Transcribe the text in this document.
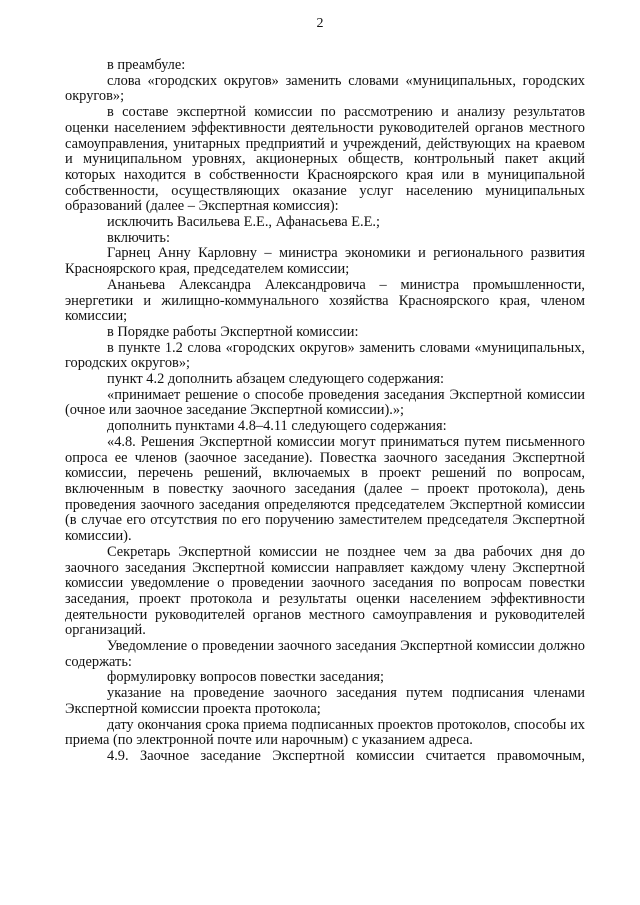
2

в преамбуле:

слова «городских округов» заменить словами «муниципальных, городских округов»;

в составе экспертной комиссии по рассмотрению и анализу результатов оценки населением эффективности деятельности руководителей органов местного самоуправления, унитарных предприятий и учреждений, действующих на краевом и муниципальном уровнях, акционерных обществ, контрольный пакет акций которых находится в собственности Красноярского края или в муниципальной собственности, осуществляющих оказание услуг населению муниципальных образований (далее – Экспертная комиссия):

исключить Васильева Е.Е., Афанасьева Е.Е.;

включить:

Гарнец Анну Карловну – министра экономики и регионального развития Красноярского края, председателем комиссии;

Ананьева Александра Александровича – министра промышленности, энергетики и жилищно-коммунального хозяйства Красноярского края, членом комиссии;

в Порядке работы Экспертной комиссии:

в пункте 1.2 слова «городских округов» заменить словами «муниципальных, городских округов»;

пункт 4.2 дополнить абзацем следующего содержания:

«принимает решение о способе проведения заседания Экспертной комиссии (очное или заочное заседание Экспертной комиссии).»;

дополнить пунктами 4.8–4.11 следующего содержания:

«4.8. Решения Экспертной комиссии могут приниматься путем письменного опроса ее членов (заочное заседание). Повестка заочного заседания Экспертной комиссии, перечень решений, включаемых в проект решений по вопросам, включенным в повестку заочного заседания (далее – проект протокола), день проведения заочного заседания определяются председателем Экспертной комиссии (в случае его отсутствия по его поручению заместителем председателя Экспертной комиссии).

Секретарь Экспертной комиссии не позднее чем за два рабочих дня до заочного заседания Экспертной комиссии направляет каждому члену Экспертной комиссии уведомление о проведении заочного заседания по вопросам повестки заседания, проект протокола и результаты оценки населением эффективности деятельности руководителей органов местного самоуправления и руководителей организаций.

Уведомление о проведении заочного заседания Экспертной комиссии должно содержать:

формулировку вопросов повестки заседания;

указание на проведение заочного заседания путем подписания членами Экспертной комиссии проекта протокола;

дату окончания срока приема подписанных проектов протоколов, способы их приема (по электронной почте или нарочным) с указанием адреса.

4.9. Заочное заседание Экспертной комиссии считается правомочным,
